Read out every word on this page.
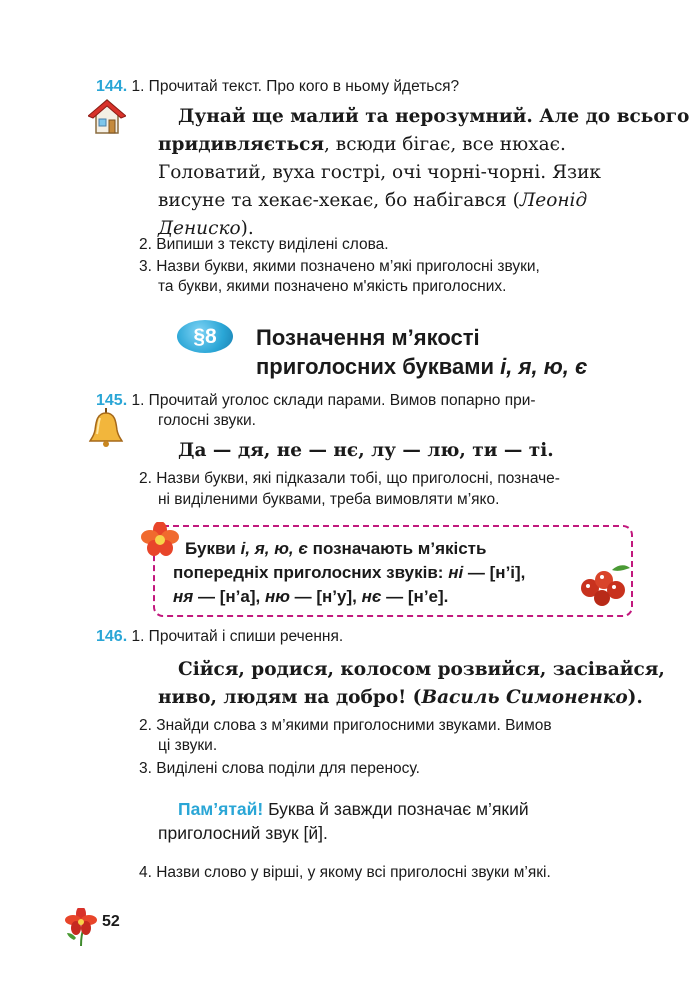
144. 1. Прочитай текст. Про кого в ньому йдеться?
Дунай ще малий та нерозумний. Але до всього
придивляється, всюди бігає, все нюхає.
Головатий, вуха гострі, очі чорні-чорні. Язик
висуне та хекає-хекає, бо набігався (Леонід
Дениско).
2. Випиши з тексту виділені слова.
3. Назви букви, якими позначено м’які приголосні звуки,
та букви, якими позначено м'якість приголосних.
§8	Позначення м’якості
приголосних буквами і, я, ю, є
145. 1. Прочитай уголос склади парами. Вимов попарно при-
голосні звуки.
Да — дя, не — нє, лу — лю, ти — ті.
2. Назви букви, які підказали тобі, що приголосні, позначе-
ні виділеними буквами, треба вимовляти м’яко.
Букви і, я, ю, є позначають м’якість
попередніх приголосних звуків: ні — [н’і],
ня — [н’а], ню — [н’у], нє — [н’е].
146. 1. Прочитай і спиши речення.
Сійся, родися, колосом розвийся, засівайся,
ниво, людям на добро! (Василь Симоненко).
2. Знайди слова з м’якими приголосними звуками. Вимов
ці звуки.
3. Виділені слова поділи для переносу.
Пам’ятай! Буква й завжди позначає м’який
приголосний звук [й].
4. Назви слово у вірші, у якому всі приголосні звуки м’які.
52
